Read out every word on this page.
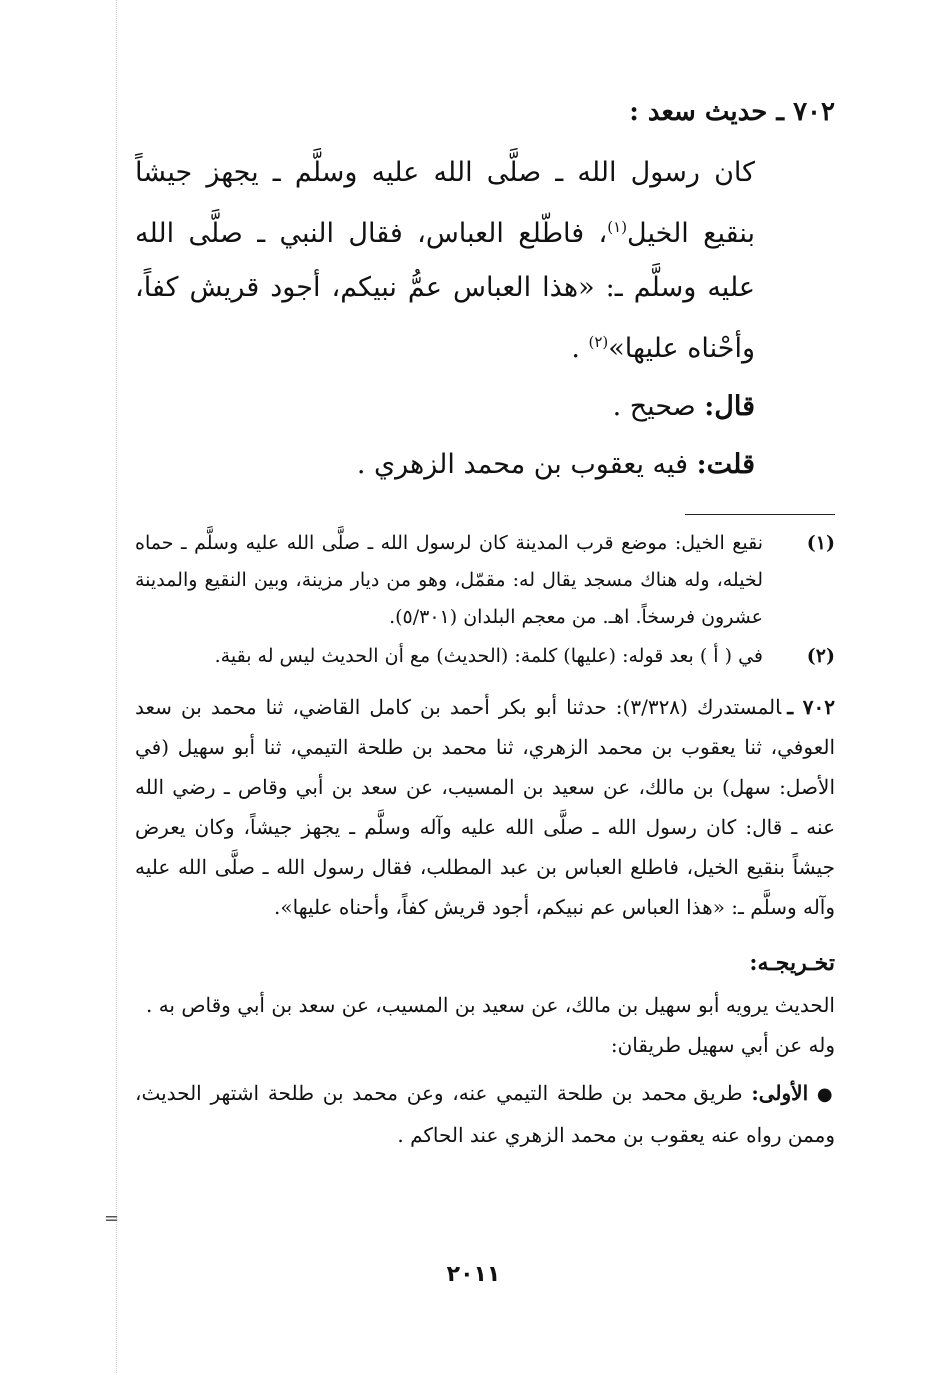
=
٧٠٢ ـ حديث سعد :

كان رسول الله ـ صلَّى الله عليه وسلَّم ـ يجهز جيشاً بنقيع الخيل$^{(١)}$، فاطّلع العباس، فقال النبي ـ صلَّى الله عليه وسلَّم ـ: «هذا العباس عمُّ نبيكم، أجود قريش كفاً، وأحْناه عليها»$^{(٢)}$ .

قال: صحيح .

قلت: فيه يعقوب بن محمد الزهري .

(١)
نقيع الخيل: موضع قرب المدينة كان لرسول الله ـ صلَّى الله عليه وسلَّم ـ حماه لخيله، وله هناك مسجد يقال له: مقمّل، وهو من ديار مزينة، وبين النقيع والمدينة عشرون فرسخاً. اهـ. من معجم البلدان (٥/٣٠١).
(٢)
في ( أ ) بعد قوله: (عليها) كلمة: (الحديث) مع أن الحديث ليس له بقية.

٧٠٢ ـالمستدرك (٣/٣٢٨): حدثنا أبو بكر أحمد بن كامل القاضي، ثنا محمد بن سعد العوفي، ثنا يعقوب بن محمد الزهري، ثنا محمد بن طلحة التيمي، ثنا أبو سهيل (في الأصل: سهل) بن مالك، عن سعيد بن المسيب، عن سعد بن أبي وقاص ـ رضي الله عنه ـ قال: كان رسول الله ـ صلَّى الله عليه وآله وسلَّم ـ يجهز جيشاً، وكان يعرض جيشاً بنقيع الخيل، فاطلع العباس بن عبد المطلب، فقال رسول الله ـ صلَّى الله عليه وآله وسلَّم ـ: «هذا العباس عم نبيكم، أجود قريش كفاً، وأحناه عليها».

تخـريجـه:

الحديث يرويه أبو سهيل بن مالك، عن سعيد بن المسيب، عن سعد بن أبي وقاص به .

وله عن أبي سهيل طريقان:

● الأولى: طريق محمد بن طلحة التيمي عنه، وعن محمد بن طلحة اشتهر الحديث، وممن رواه عنه يعقوب بن محمد الزهري عند الحاكم .

٢٠١١
